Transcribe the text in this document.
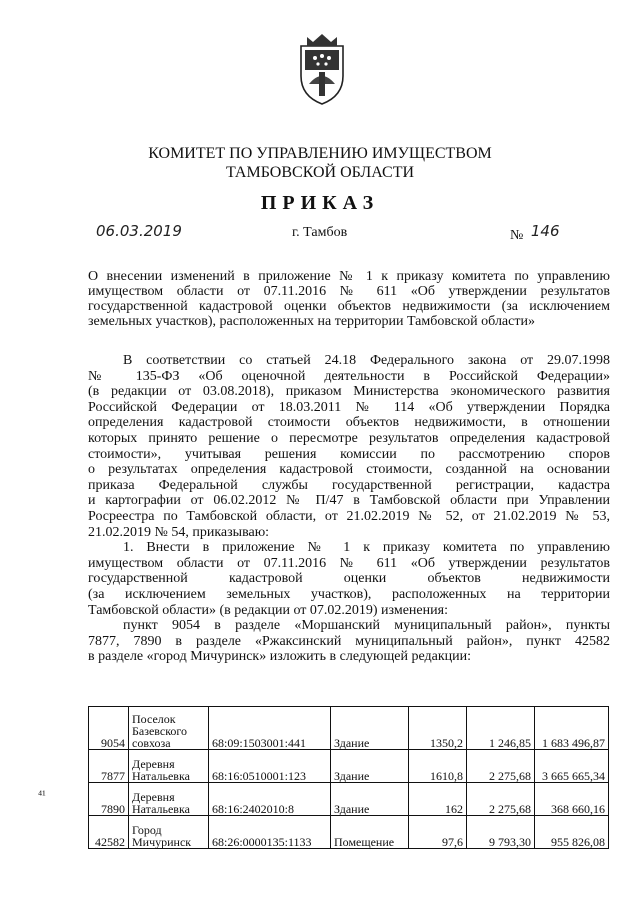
КОМИТЕТ ПО УПРАВЛЕНИЮ ИМУЩЕСТВОМ
ТАМБОВСКОЙ ОБЛАСТИ
ПРИКАЗ
06.03.2019	г. Тамбов	№ 146
О внесении изменений в приложение № 1 к приказу комитета по управлению имуществом области от 07.11.2016 № 611 «Об утверждении результатов государственной кадастровой оценки объектов недвижимости (за исключением земельных участков), расположенных на территории Тамбовской области»

В соответствии со статьей 24.18 Федерального закона от 29.07.1998

№ 135-ФЗ «Об оценочной деятельности в Российской Федерации»

(в редакции от 03.08.2018), приказом Министерства экономического развития

Российской Федерации от 18.03.2011 № 114 «Об утверждении Порядка

определения кадастровой стоимости объектов недвижимости, в отношении

которых принято решение о пересмотре результатов определения кадастровой

стоимости», учитывая решения комиссии по рассмотрению споров

о результатах определения кадастровой стоимости, созданной на основании

приказа Федеральной службы государственной регистрации, кадастра

и картографии от 06.02.2012 № П/47 в Тамбовской области при Управлении

Росреестра по Тамбовской области, от 21.02.2019 № 52, от 21.02.2019 № 53,

21.02.2019 № 54, приказываю:

1. Внести в приложение № 1 к приказу комитета по управлению

имуществом области от 07.11.2016 № 611 «Об утверждении результатов

государственной кадастровой оценки объектов недвижимости

(за исключением земельных участков), расположенных на территории

Тамбовской области» (в редакции от 07.02.2019) изменения:

пункт 9054 в разделе «Моршанский муниципальный район», пункты

7877, 7890 в разделе «Ржаксинский муниципальный район», пункт 42582

в разделе «город Мичуринск» изложить в следующей редакции:

9054	Поселок Базевского совхоза	68:09:1503001:441	Здание	1350,2	1 246,85	1 683 496,87
7877	Деревня Натальевка	68:16:0510001:123	Здание	1610,8	2 275,68	3 665 665,34
7890	Деревня Натальевка	68:16:2402010:8	Здание	162	2 275,68	368 660,16
42582	Город Мичуринск	68:26:0000135:1133	Помещение	97,6	9 793,30	955 826,08
⁴¹
